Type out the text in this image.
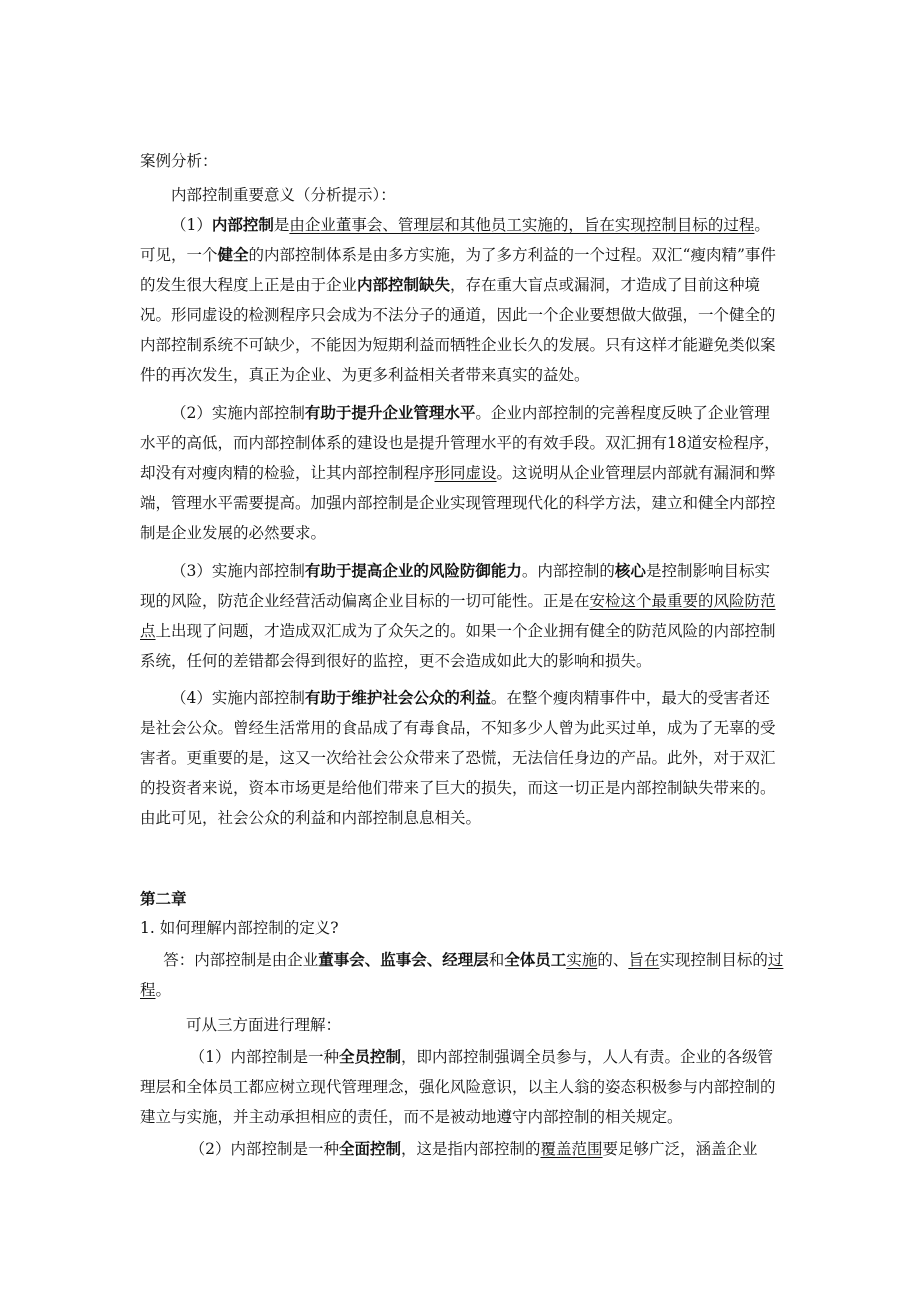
案例分析：

内部控制重要意义（分析提示）：

（1）内部控制是由企业董事会、管理层和其他员工实施的，旨在实现控制目标的过程。可见，一个健全的内部控制体系是由多方实施，为了多方利益的一个过程。双汇“瘦肉精”事件的发生很大程度上正是由于企业内部控制缺失，存在重大盲点或漏洞，才造成了目前这种境况。形同虚设的检测程序只会成为不法分子的通道，因此一个企业要想做大做强，一个健全的内部控制系统不可缺少，不能因为短期利益而牺牲企业长久的发展。只有这样才能避免类似案件的再次发生，真正为企业、为更多利益相关者带来真实的益处。

（2）实施内部控制有助于提升企业管理水平。企业内部控制的完善程度反映了企业管理水平的高低，而内部控制体系的建设也是提升管理水平的有效手段。双汇拥有18道安检程序，却没有对瘦肉精的检验，让其内部控制程序形同虚设。这说明从企业管理层内部就有漏洞和弊端，管理水平需要提高。加强内部控制是企业实现管理现代化的科学方法，建立和健全内部控制是企业发展的必然要求。

（3）实施内部控制有助于提高企业的风险防御能力。内部控制的核心是控制影响目标实现的风险，防范企业经营活动偏离企业目标的一切可能性。正是在安检这个最重要的风险防范点上出现了问题，才造成双汇成为了众矢之的。如果一个企业拥有健全的防范风险的内部控制系统，任何的差错都会得到很好的监控，更不会造成如此大的影响和损失。

（4）实施内部控制有助于维护社会公众的利益。在整个瘦肉精事件中，最大的受害者还是社会公众。曾经生活常用的食品成了有毒食品，不知多少人曾为此买过单，成为了无辜的受害者。更重要的是，这又一次给社会公众带来了恐慌，无法信任身边的产品。此外，对于双汇的投资者来说，资本市场更是给他们带来了巨大的损失，而这一切正是内部控制缺失带来的。由此可见，社会公众的利益和内部控制息息相关。

第二章

1. 如何理解内部控制的定义?

答：内部控制是由企业董事会、监事会、经理层和全体员工实施的、旨在实现控制目标的过程。

可从三方面进行理解：

（1）内部控制是一种全员控制，即内部控制强调全员参与，人人有责。企业的各级管理层和全体员工都应树立现代管理理念，强化风险意识，以主人翁的姿态积极参与内部控制的建立与实施，并主动承担相应的责任，而不是被动地遵守内部控制的相关规定。

（2）内部控制是一种全面控制，这是指内部控制的覆盖范围要足够广泛，涵盖企业
